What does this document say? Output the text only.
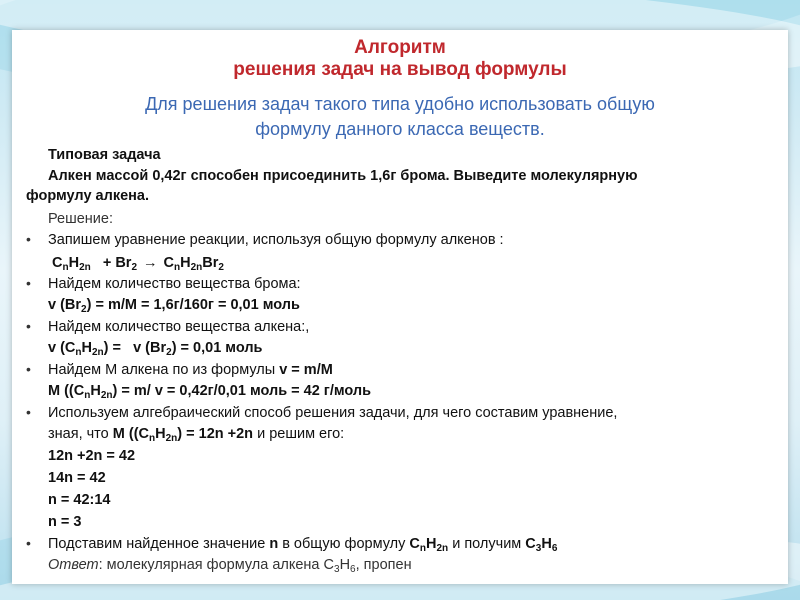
Алгоритм
решения задач на вывод формулы
Для решения задач такого типа удобно использовать общую
формулу данного класса веществ.
Типовая задача
Алкен массой 0,42г способен присоединить 1,6г брома. Выведите молекулярную
формулу алкена.
Решение:
• Запишем уравнение реакции, используя общую формулу алкенов :
$C_nH_{2n} + Br_2 \to C_nH_{2n}Br_2$
• Найдем количество вещества брома:
v $(Br_2) = m/M = 1,6г/160г = 0,01$ моль
• Найдем количество вещества алкена:,
v $(C_nH_{2n}) = v$ $(Br_2) = 0,01$ моль
• Найдем М алкена по из формулы v = m/M
M ($(C_nH_{2n}) = m/$ v = 0,42г/0,01 моль = 42 г/моль
• Используем алгебраический способ решения задачи, для чего составим уравнение,
зная, что M ($(C_nH_{2n}) = 12n +2n$ и решим его:
12n +2n = 42
14n = 42
n = 42:14
n = 3
• Подставим найденное значение n в общую формулу $C_nH_{2n}$ и получим $C_3H_6$
Ответ: молекулярная формула алкена $C_3H_6$, пропен
